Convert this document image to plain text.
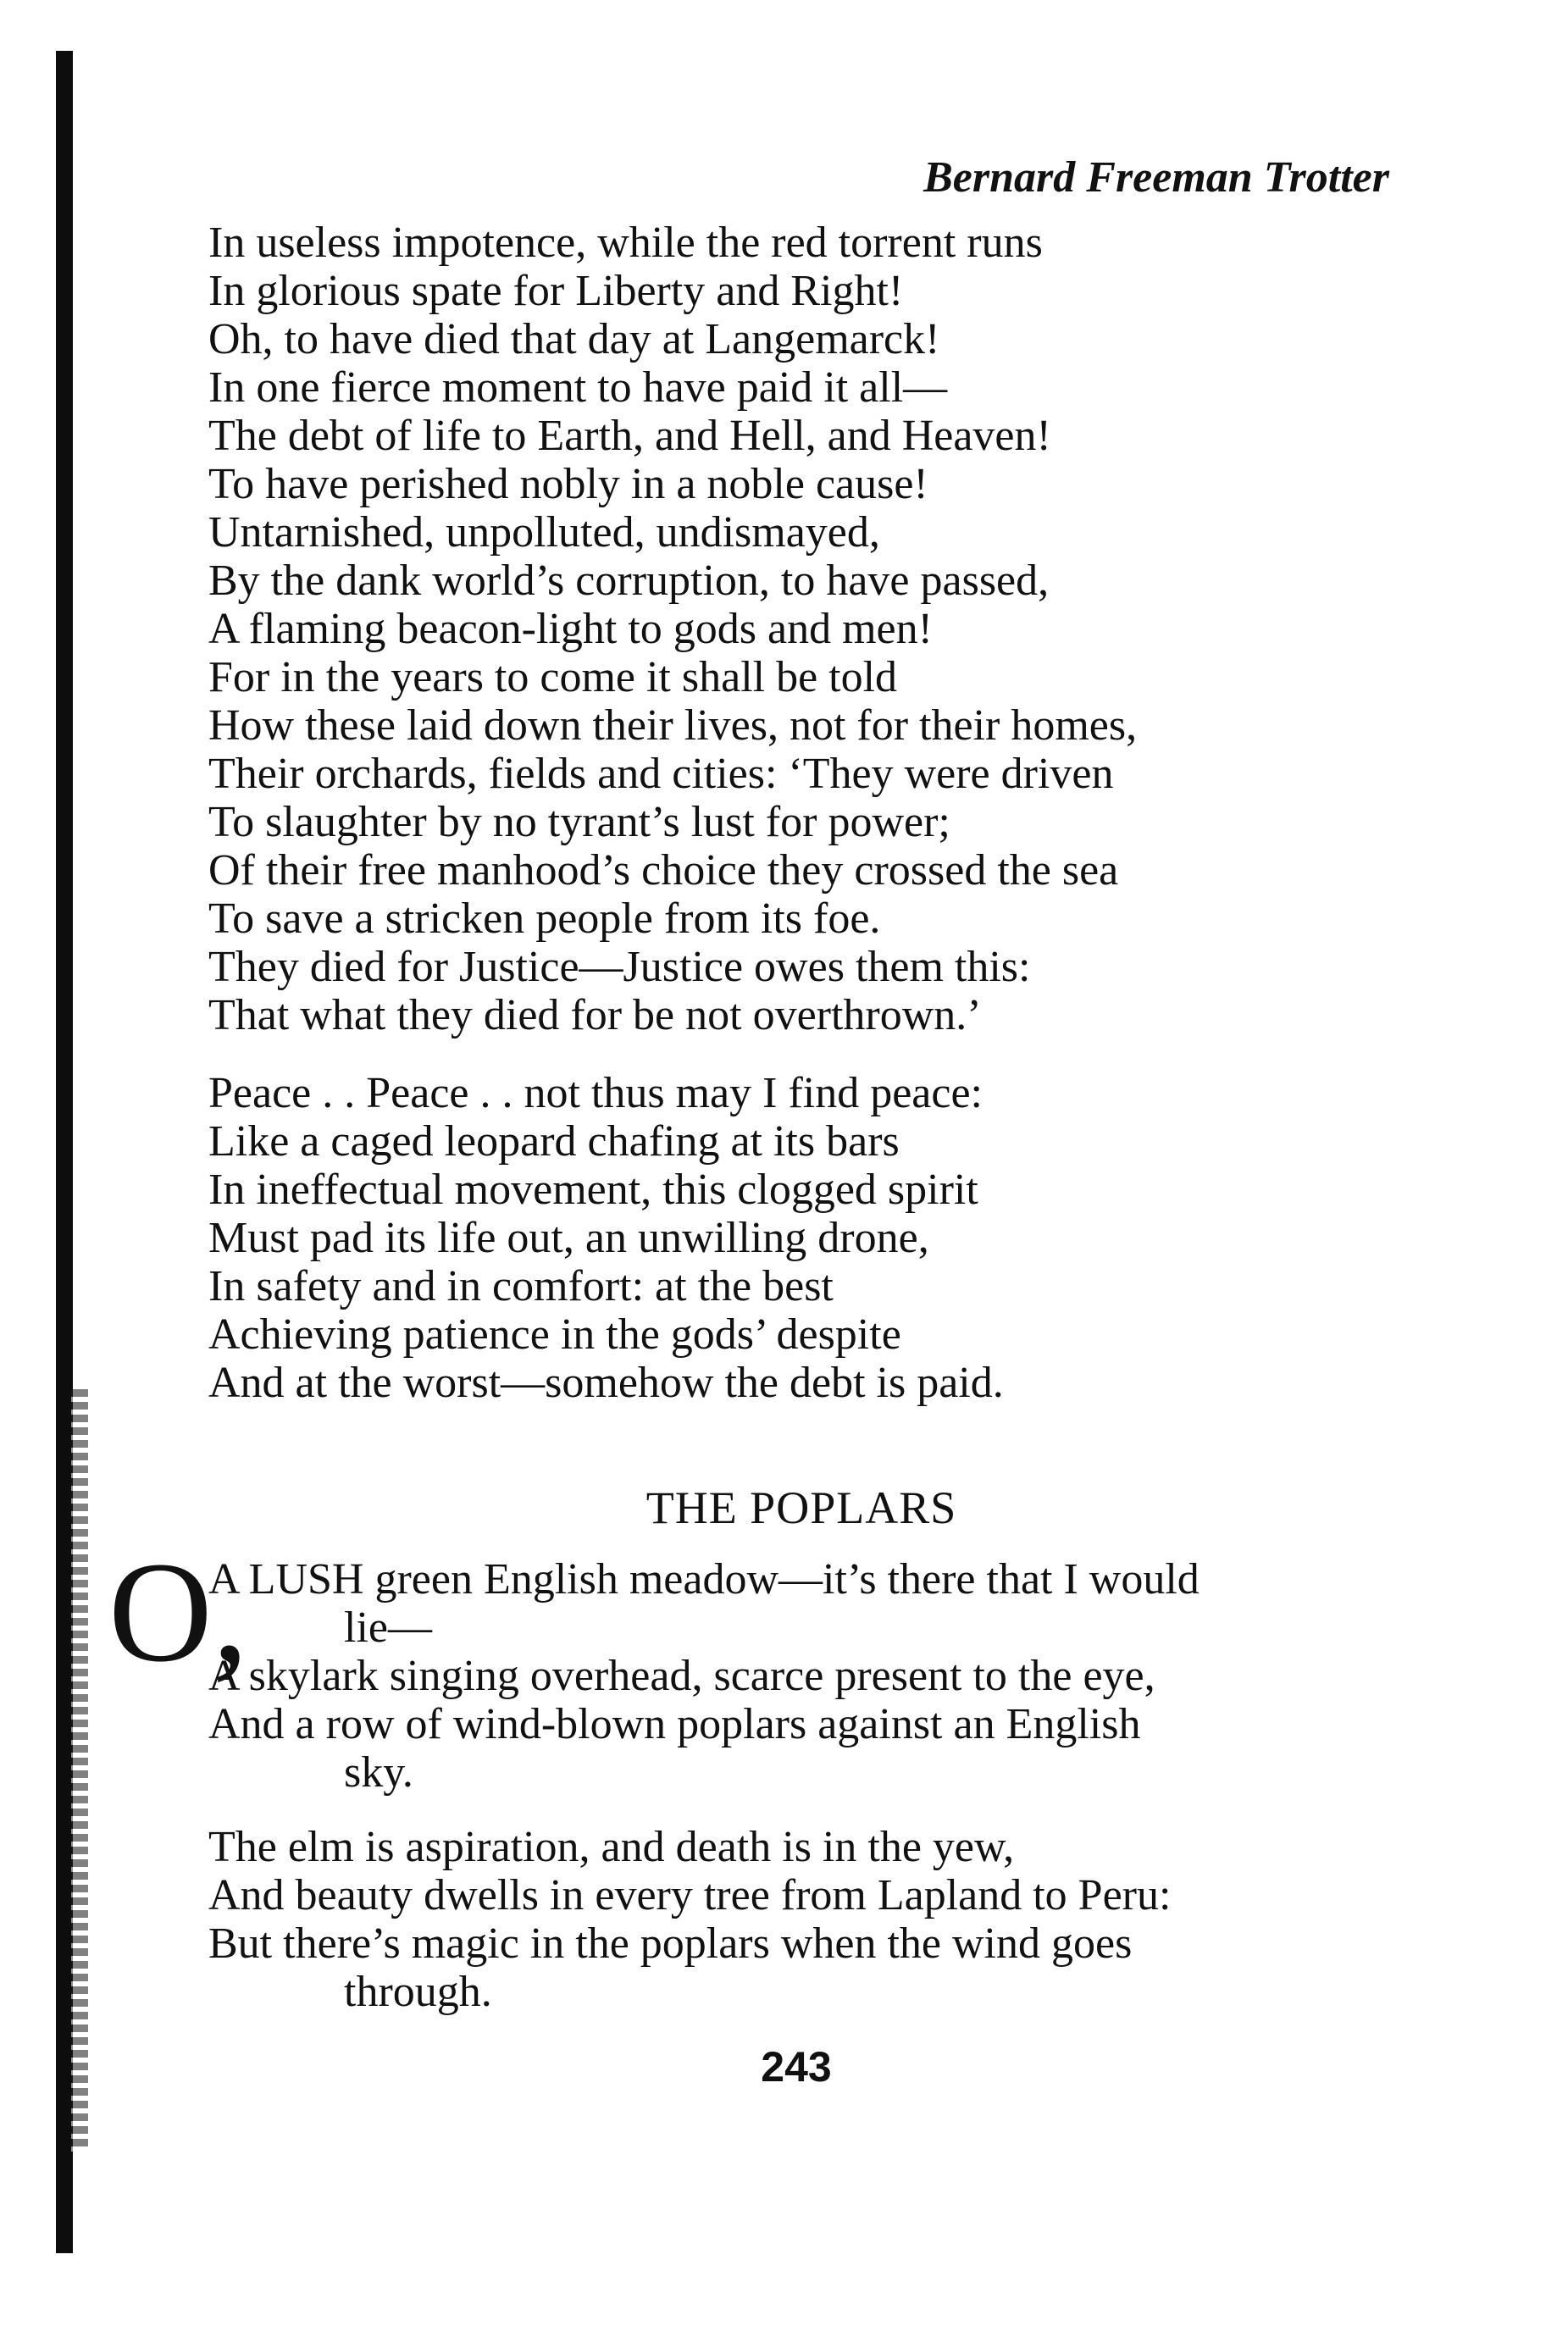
Bernard Freeman Trotter
In useless impotence, while the red torrent runs
In glorious spate for Liberty and Right!
Oh, to have died that day at Langemarck!
In one fierce moment to have paid it all—
The debt of life to Earth, and Hell, and Heaven!
To have perished nobly in a noble cause!
Untarnished, unpolluted, undismayed,
By the dank world’s corruption, to have passed,
A flaming beacon-light to gods and men!
For in the years to come it shall be told
How these laid down their lives, not for their homes,
Their orchards, fields and cities: ‘They were driven
To slaughter by no tyrant’s lust for power;
Of their free manhood’s choice they crossed the sea
To save a stricken people from its foe.
They died for Justice—Justice owes them this:
That what they died for be not overthrown.’
Peace . . Peace . . not thus may I find peace:
Like a caged leopard chafing at its bars
In ineffectual movement, this clogged spirit
Must pad its life out, an unwilling drone,
In safety and in comfort: at the best
Achieving patience in the gods’ despite
And at the worst—somehow the debt is paid.
THE POPLARS
O,
A LUSH green English meadow—it’s there that I would
lie—
A skylark singing overhead, scarce present to the eye,
And a row of wind-blown poplars against an English
sky.
The elm is aspiration, and death is in the yew,
And beauty dwells in every tree from Lapland to Peru:
But there’s magic in the poplars when the wind goes
through.
243
